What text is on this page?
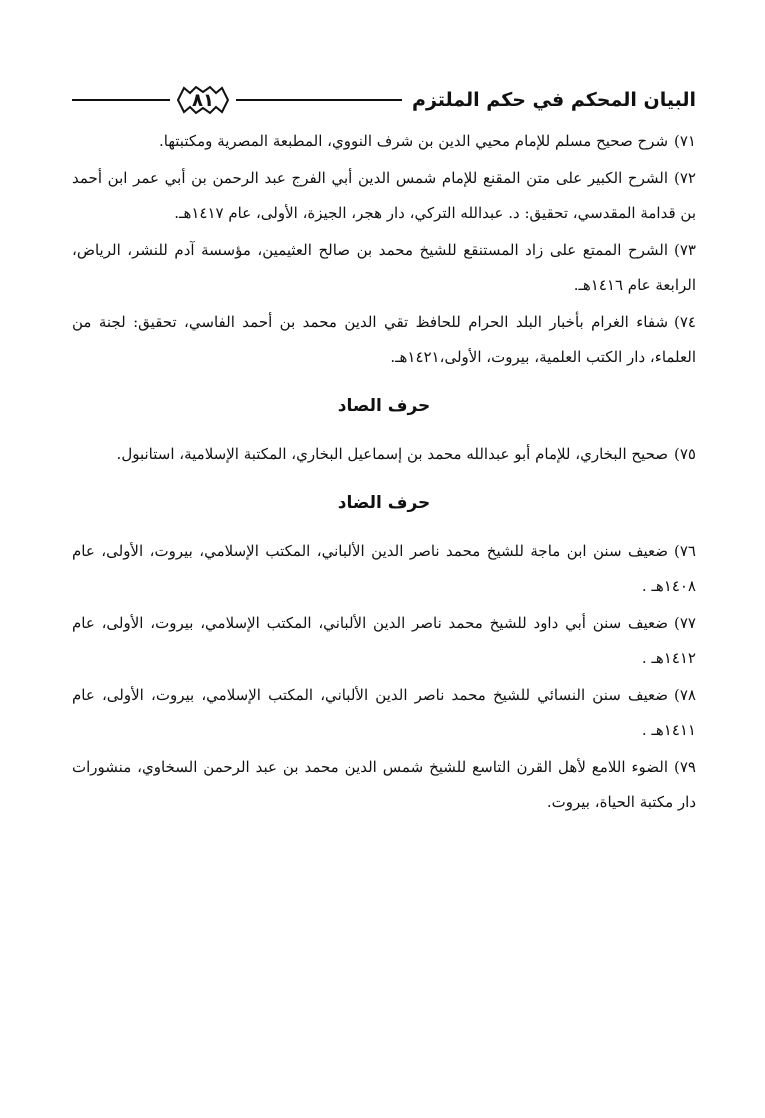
البيان المحكم في حكم الملتزم
٨١

٧١)شرح صحيح مسلم للإمام محيي الدين بن شرف النووي، المطبعة المصرية ومكتبتها.

٧٢)الشرح الكبير على متن المقنع للإمام شمس الدين أبي الفرج عبد الرحمن بن أبي عمر ابن أحمد بن قدامة المقدسي، تحقيق: د. عبدالله التركي، دار هجر، الجيزة، الأولى، عام ١٤١٧هـ.

٧٣)الشرح الممتع على زاد المستنقع للشيخ محمد بن صالح العثيمين، مؤسسة آدم للنشر، الرياض، الرابعة عام ١٤١٦هـ.

٧٤)شفاء الغرام بأخبار البلد الحرام للحافظ تقي الدين محمد بن أحمد الفاسي، تحقيق: لجنة من العلماء، دار الكتب العلمية، بيروت، الأولى،١٤٢١هـ.

حرف الصاد

٧٥)صحيح البخاري، للإمام أبو عبدالله محمد بن إسماعيل البخاري، المكتبة الإسلامية، استانبول.

حرف الضاد

٧٦)ضعيف سنن ابن ماجة للشيخ محمد ناصر الدين الألباني، المكتب الإسلامي، بيروت، الأولى، عام ١٤٠٨هـ .

٧٧)ضعيف سنن أبي داود للشيخ محمد ناصر الدين الألباني، المكتب الإسلامي، بيروت، الأولى، عام ١٤١٢هـ .

٧٨)ضعيف سنن النسائي للشيخ محمد ناصر الدين الألباني، المكتب الإسلامي، بيروت، الأولى، عام ١٤١١هـ .

٧٩)الضوء اللامع لأهل القرن التاسع للشيخ شمس الدين محمد بن عبد الرحمن السخاوي، منشورات دار مكتبة الحياة، بيروت.
